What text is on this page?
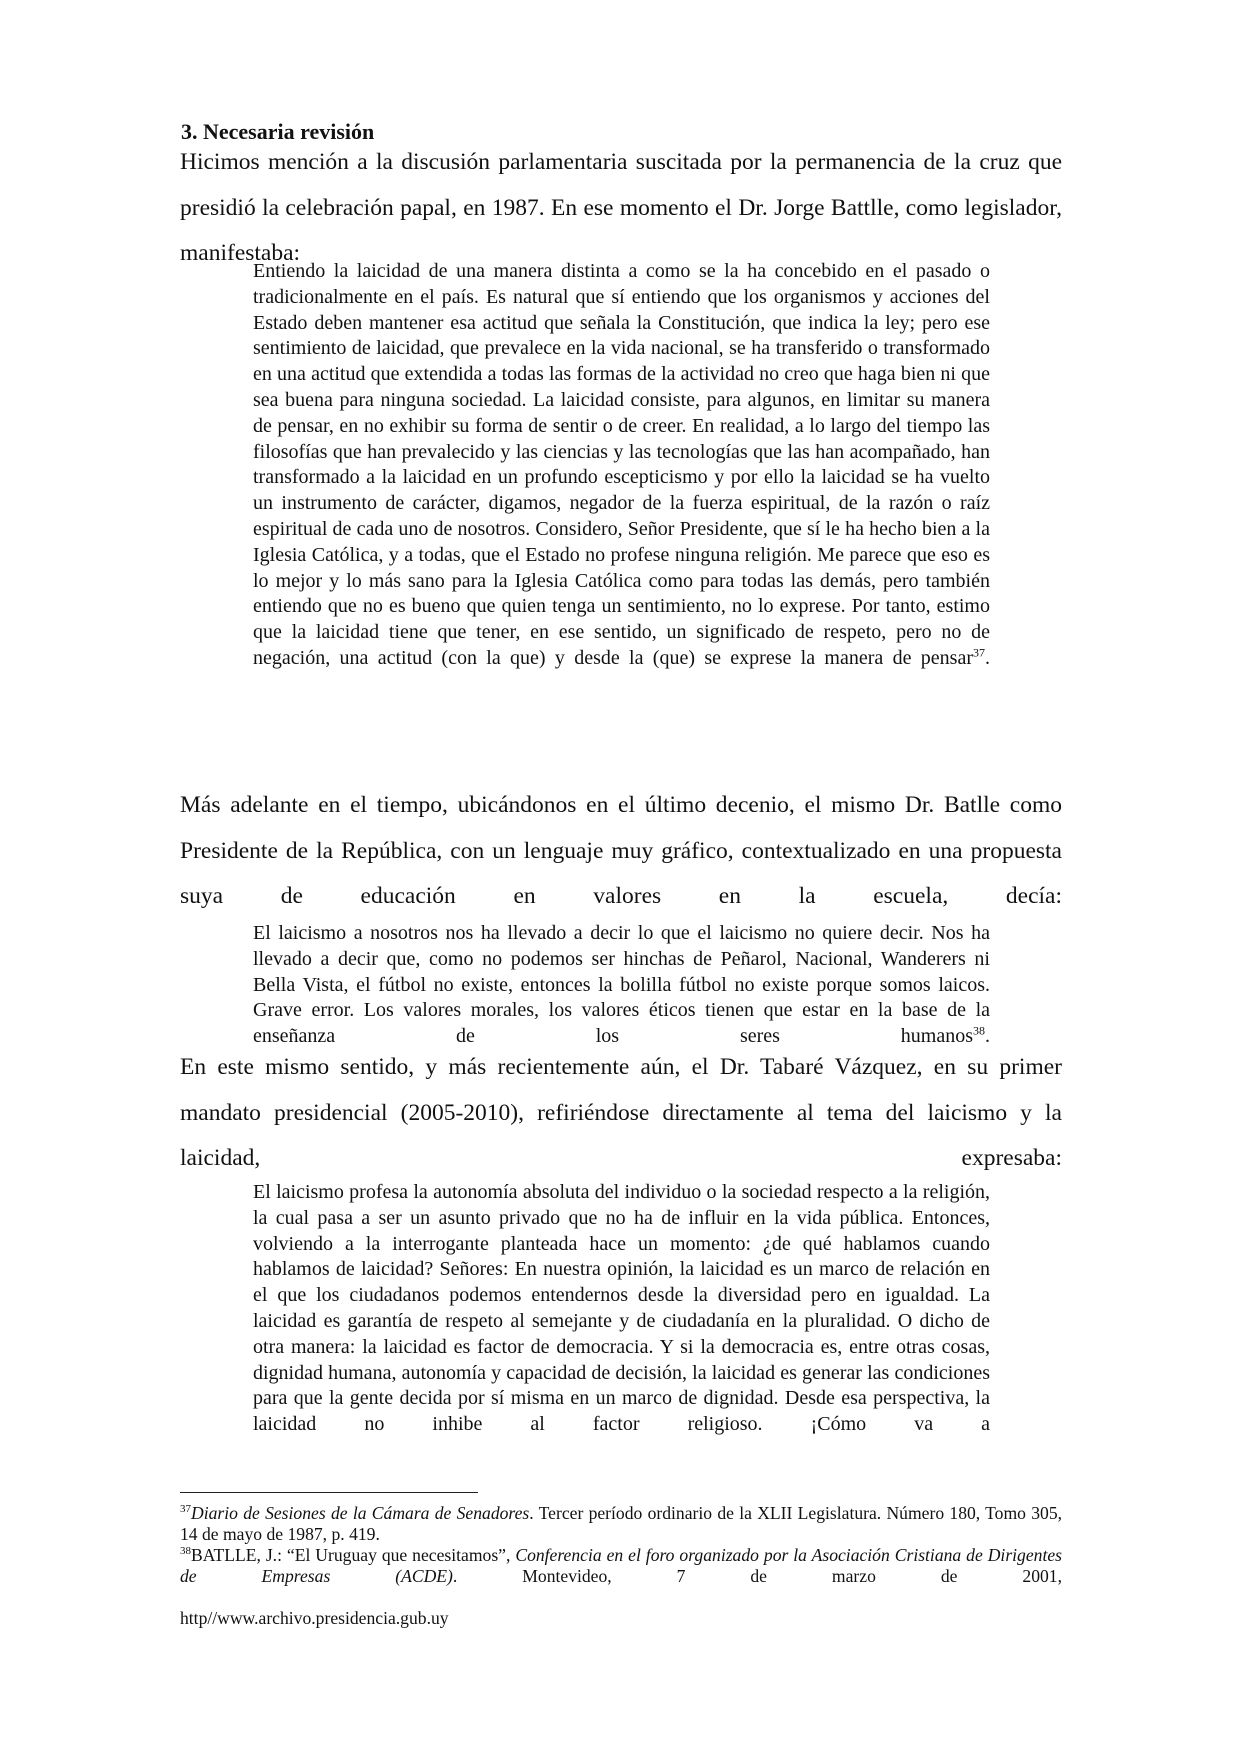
3. Necesaria revisión

Hicimos mención a la discusión parlamentaria suscitada por la permanencia de la cruz que presidió la celebración papal, en 1987. En ese momento el Dr. Jorge Battlle, como legislador, manifestaba:

Entiendo la laicidad de una manera distinta a como se la ha concebido en el pasado o tradicionalmente en el país. Es natural que sí entiendo que los organismos y acciones del Estado deben mantener esa actitud que señala la Constitución, que indica la ley; pero ese sentimiento de laicidad, que prevalece en la vida nacional, se ha transferido o transformado en una actitud que extendida a todas las formas de la actividad no creo que haga bien ni que sea buena para ninguna sociedad. La laicidad consiste, para algunos, en limitar su manera de pensar, en no exhibir su forma de sentir o de creer. En realidad, a lo largo del tiempo las filosofías que han prevalecido y las ciencias y las tecnologías que las han acompañado, han transformado a la laicidad en un profundo escepticismo y por ello la laicidad se ha vuelto un instrumento de carácter, digamos, negador de la fuerza espiritual, de la razón o raíz espiritual de cada uno de nosotros. Considero, Señor Presidente, que sí le ha hecho bien a la Iglesia Católica, y a todas, que el Estado no profese ninguna religión. Me parece que eso es lo mejor y lo más sano para la Iglesia Católica como para todas las demás, pero también entiendo que no es bueno que quien tenga un sentimiento, no lo exprese. Por tanto, estimo que la laicidad tiene que tener, en ese sentido, un significado de respeto, pero no de negación, una actitud (con la que) y desde la (que) se exprese la manera de pensar$^{37}$.

Más adelante en el tiempo, ubicándonos en el último decenio, el mismo Dr. Batlle como Presidente de la República, con un lenguaje muy gráfico, contextualizado en una propuesta suya de educación en valores en la escuela, decía:

El laicismo a nosotros nos ha llevado a decir lo que el laicismo no quiere decir. Nos ha llevado a decir que, como no podemos ser hinchas de Peñarol, Nacional, Wanderers ni Bella Vista, el fútbol no existe, entonces la bolilla fútbol no existe porque somos laicos. Grave error. Los valores morales, los valores éticos tienen que estar en la base de la enseñanza de los seres humanos$^{38}$.

En este mismo sentido, y más recientemente aún, el Dr. Tabaré Vázquez, en su primer mandato presidencial (2005-2010), refiriéndose directamente al tema del laicismo y la laicidad, expresaba:

El laicismo profesa la autonomía absoluta del individuo o la sociedad respecto a la religión, la cual pasa a ser un asunto privado que no ha de influir en la vida pública. Entonces, volviendo a la interrogante planteada hace un momento: ¿de qué hablamos cuando hablamos de laicidad? Señores: En nuestra opinión, la laicidad es un marco de relación en el que los ciudadanos podemos entendernos desde la diversidad pero en igualdad. La laicidad es garantía de respeto al semejante y de ciudadanía en la pluralidad. O dicho de otra manera: la laicidad es factor de democracia. Y si la democracia es, entre otras cosas, dignidad humana, autonomía y capacidad de decisión, la laicidad es generar las condiciones para que la gente decida por sí misma en un marco de dignidad. Desde esa perspectiva, la laicidad no inhibe al factor religioso. ¡Cómo va a

$^{37}$Diario de Sesiones de la Cámara de Senadores. Tercer período ordinario de la XLII Legislatura. Número 180, Tomo 305, 14 de mayo de 1987, p. 419.

$^{38}$BATLLE, J.: “El Uruguay que necesitamos”, Conferencia en el foro organizado por la Asociación Cristiana de Dirigentes de Empresas (ACDE). Montevideo, 7 de marzo de 2001,

http//www.archivo.presidencia.gub.uy
